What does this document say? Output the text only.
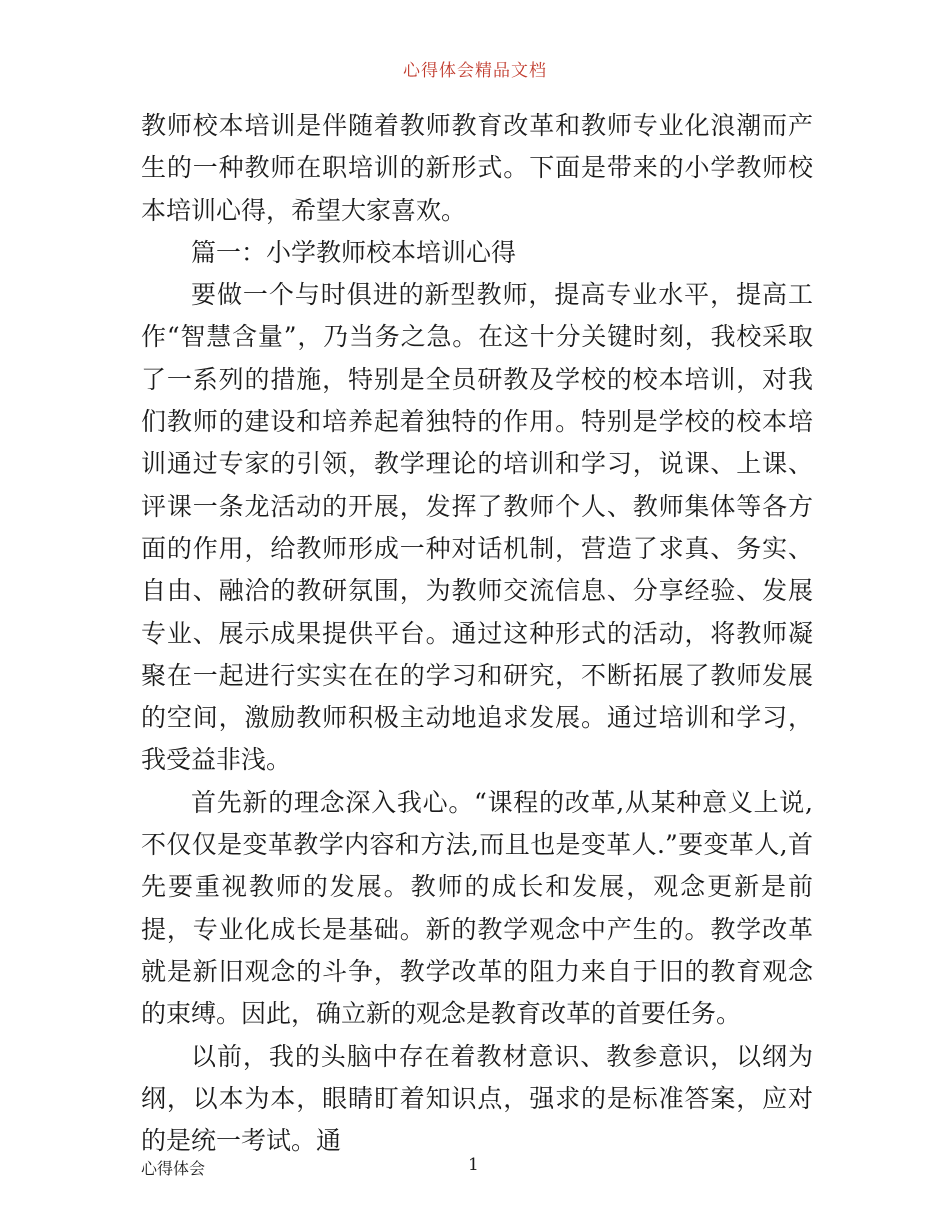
心得体会精品文档

教师校本培训是伴随着教师教育改革和教师专业化浪潮而产生的一种教师在职培训的新形式。下面是带来的小学教师校本培训心得，希望大家喜欢。

篇一：小学教师校本培训心得

要做一个与时俱进的新型教师，提高专业水平，提高工作“智慧含量”，乃当务之急。在这十分关键时刻，我校采取了一系列的措施，特别是全员研教及学校的校本培训，对我们教师的建设和培养起着独特的作用。特别是学校的校本培训通过专家的引领，教学理论的培训和学习，说课、上课、评课一条龙活动的开展，发挥了教师个人、教师集体等各方面的作用，给教师形成一种对话机制，营造了求真、务实、自由、融洽的教研氛围，为教师交流信息、分享经验、发展专业、展示成果提供平台。通过这种形式的活动，将教师凝聚在一起进行实实在在的学习和研究，不断拓展了教师发展的空间，激励教师积极主动地追求发展。通过培训和学习，我受益非浅。

首先新的理念深入我心。“课程的改革,从某种意义上说,不仅仅是变革教学内容和方法,而且也是变革人.”要变革人,首先要重视教师的发展。教师的成长和发展，观念更新是前提，专业化成长是基础。新的教学观念中产生的。教学改革就是新旧观念的斗争，教学改革的阻力来自于旧的教育观念的束缚。因此，确立新的观念是教育改革的首要任务。

以前，我的头脑中存在着教材意识、教参意识，以纲为纲，以本为本，眼睛盯着知识点，强求的是标准答案，应对的是统一考试。通

心得体会	1
